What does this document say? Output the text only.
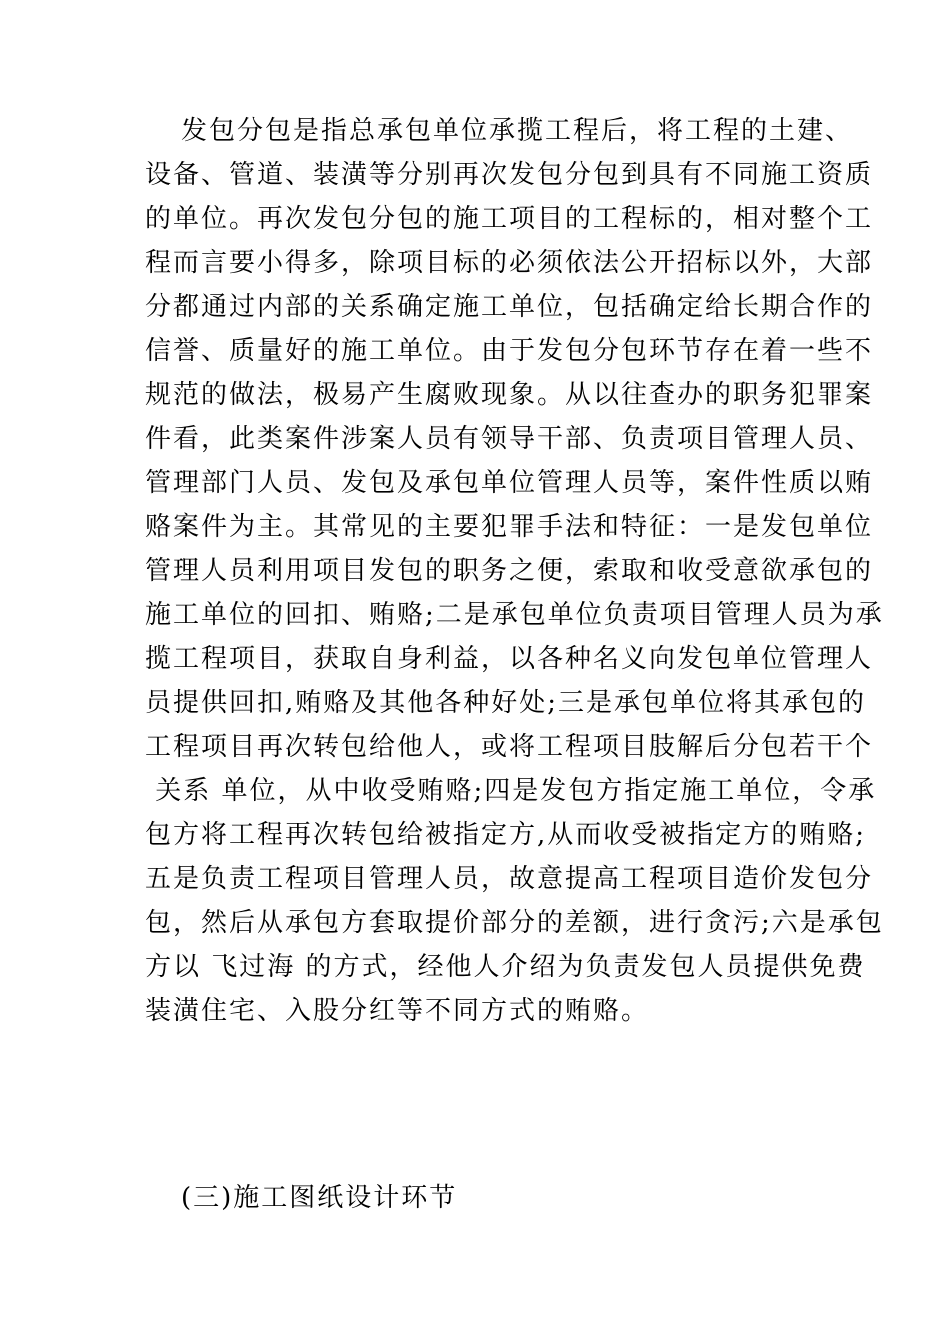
发包分包是指总承包单位承揽工程后，将工程的土建、
设备、管道、装潢等分别再次发包分包到具有不同施工资质
的单位。再次发包分包的施工项目的工程标的，相对整个工
程而言要小得多，除项目标的必须依法公开招标以外，大部
分都通过内部的关系确定施工单位，包括确定给长期合作的
信誉、质量好的施工单位。由于发包分包环节存在着一些不
规范的做法，极易产生腐败现象。从以往查办的职务犯罪案
件看，此类案件涉案人员有领导干部、负责项目管理人员、
管理部门人员、发包及承包单位管理人员等，案件性质以贿
赂案件为主。其常见的主要犯罪手法和特征：一是发包单位
管理人员利用项目发包的职务之便，索取和收受意欲承包的
施工单位的回扣、贿赂;二是承包单位负责项目管理人员为承
揽工程项目，获取自身利益，以各种名义向发包单位管理人
员提供回扣,贿赂及其他各种好处;三是承包单位将其承包的
工程项目再次转包给他人，或将工程项目肢解后分包若干个
关系 单位，从中收受贿赂;四是发包方指定施工单位，令承
包方将工程再次转包给被指定方,从而收受被指定方的贿赂;
五是负责工程项目管理人员，故意提高工程项目造价发包分
包，然后从承包方套取提价部分的差额，进行贪污;六是承包
方以 飞过海 的方式，经他人介绍为负责发包人员提供免费
装潢住宅、入股分红等不同方式的贿赂。
(三)施工图纸设计环节
